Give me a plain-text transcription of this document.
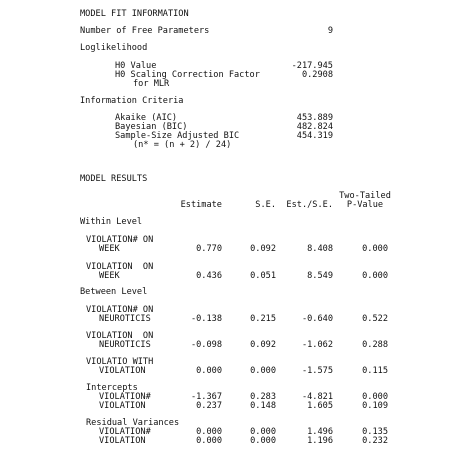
MODEL FIT INFORMATION
Number of Free Parameters	9
Loglikelihood
H0 Value	-217.945
H0 Scaling Correction Factor	0.2908
for MLR
Information Criteria
Akaike (AIC)	453.889
Bayesian (BIC)	482.824
Sample-Size Adjusted BIC	454.319
(n* = (n + 2) / 24)
MODEL RESULTS
Two-Tailed
Estimate	S.E.	Est./S.E.	P-Value
Within Level
VIOLATION# ON
WEEK	0.770	0.092	8.408	0.000
VIOLATION  ON
WEEK	0.436	0.051	8.549	0.000
Between Level
VIOLATION# ON
NEUROTICIS	-0.138	0.215	-0.640	0.522
VIOLATION  ON
NEUROTICIS	-0.098	0.092	-1.062	0.288
VIOLATIO WITH
VIOLATION	0.000	0.000	-1.575	0.115
Intercepts
VIOLATION#	-1.367	0.283	-4.821	0.000
VIOLATION	0.237	0.148	1.605	0.109
Residual Variances
VIOLATION#	0.000	0.000	1.496	0.135
VIOLATION	0.000	0.000	1.196	0.232
